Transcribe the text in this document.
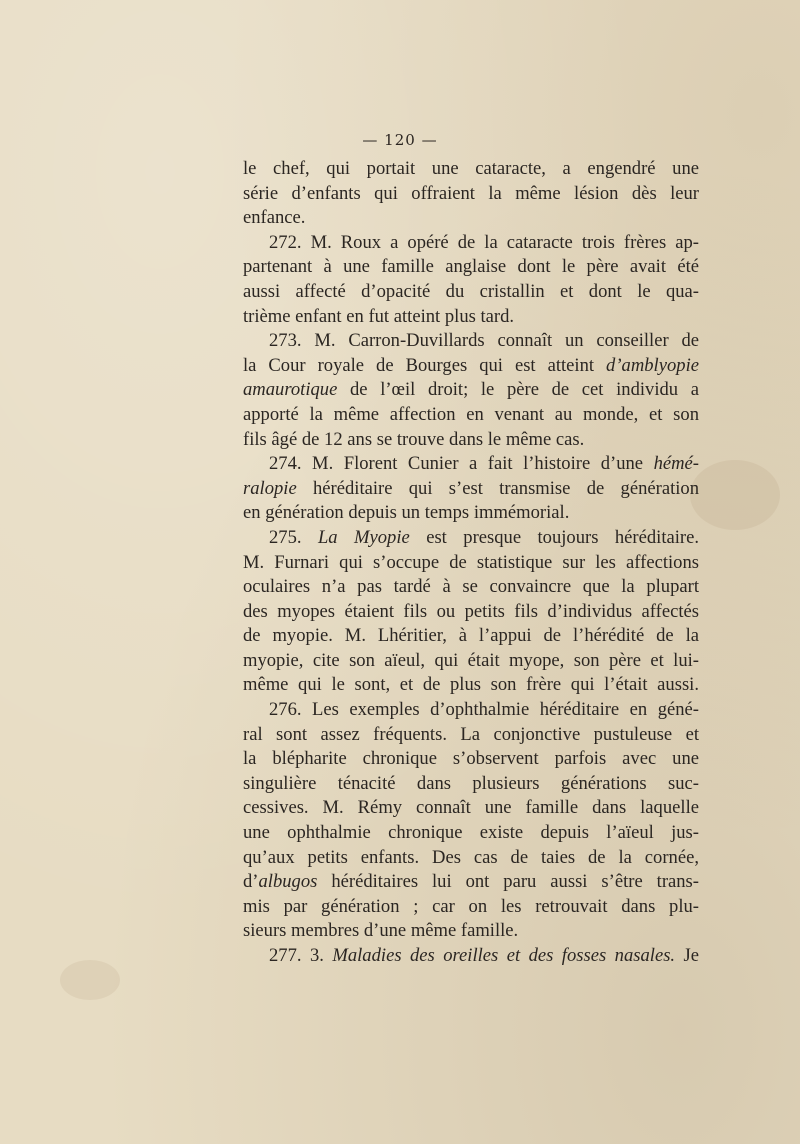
— 120 —
le chef, qui portait une cataracte, a engendré une
série d’enfants qui offraient la même lésion dès leur
enfance.
272. M. Roux a opéré de la cataracte trois frères ap-
partenant à une famille anglaise dont le père avait été
aussi affecté d’opacité du cristallin et dont le qua-
trième enfant en fut atteint plus tard.
273. M. Carron-Duvillards connaît un conseiller de
la Cour royale de Bourges qui est atteint d’amblyopie
amaurotique de l’œil droit; le père de cet individu a
apporté la même affection en venant au monde, et son
fils âgé de 12 ans se trouve dans le même cas.
274. M. Florent Cunier a fait l’histoire d’une hémé-
ralopie héréditaire qui s’est transmise de génération
en génération depuis un temps immémorial.
275. La Myopie est presque toujours héréditaire.
M. Furnari qui s’occupe de statistique sur les affections
oculaires n’a pas tardé à se convaincre que la plupart
des myopes étaient fils ou petits fils d’individus affectés
de myopie. M. Lhéritier, à l’appui de l’hérédité de la
myopie, cite son aïeul, qui était myope, son père et lui-
même qui le sont, et de plus son frère qui l’était aussi.
276. Les exemples d’ophthalmie héréditaire en géné-
ral sont assez fréquents. La conjonctive pustuleuse et
la blépharite chronique s’observent parfois avec une
singulière ténacité dans plusieurs générations suc-
cessives. M. Rémy connaît une famille dans laquelle
une ophthalmie chronique existe depuis l’aïeul jus-
qu’aux petits enfants. Des cas de taies de la cornée,
d’albugos héréditaires lui ont paru aussi s’être trans-
mis par génération ; car on les retrouvait dans plu-
sieurs membres d’une même famille.
277. 3. Maladies des oreilles et des fosses nasales. Je
